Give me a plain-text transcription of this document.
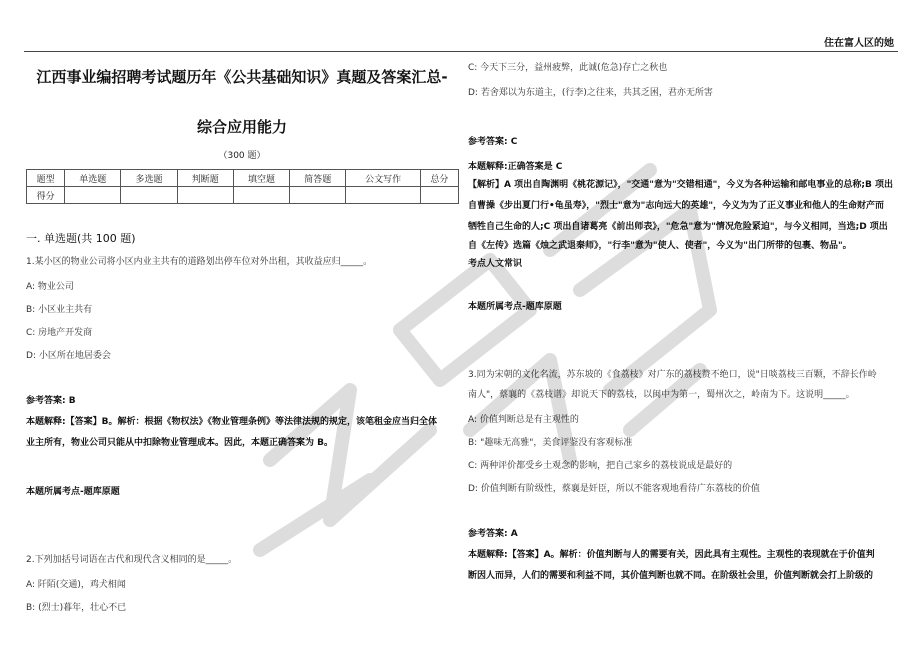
住在富人区的她
江西事业编招聘考试题历年《公共基础知识》真题及答案汇总-
综合应用能力
（300 题）
题型	单选题	多选题	判断题	填空题	简答题	公文写作	总分
得分							
一. 单选题(共 100 题)
1.某小区的物业公司将小区内业主共有的道路划出停车位对外出租，其收益应归_____。
A: 物业公司
B: 小区业主共有
C: 房地产开发商
D: 小区所在地居委会
参考答案: B
本题解释:【答案】B。解析：根据《物权法》《物业管理条例》等法律法规的规定，该笔租金应当归全体
业主所有，物业公司只能从中扣除物业管理成本。因此，本题正确答案为 B。
本题所属考点-题库原题
2.下列加括号词语在古代和现代含义相同的是_____。
A: 阡陌(交通)，鸡犬相闻
B: (烈士)暮年，壮心不已
C: 今天下三分，益州疲弊，此诚(危急)存亡之秋也
D: 若舍郑以为东道主，(行李)之往来，共其乏困，君亦无所害
参考答案: C
本题解释:正确答案是 C
【解析】A 项出自陶渊明《桃花源记》，"交通"意为"交错相通"，今义为各种运输和邮电事业的总称;B 项出
自曹操《步出夏门行•龟虽寿》，"烈士"意为"志向远大的英雄"，今义为为了正义事业和他人的生命财产而
牺牲自己生命的人;C 项出自诸葛亮《前出师表》，"危急"意为"情况危险紧迫"，与今义相同，当选;D 项出
自《左传》选篇《烛之武退秦师》，"行李"意为"使人、使者"，今义为"出门所带的包裹、物品"。
考点人文常识
本题所属考点-题库原题
3.同为宋朝的文化名流，苏东坡的《食荔枝》对广东的荔枝赞不绝口，说"日啖荔枝三百颗，不辞长作岭
南人"，蔡襄的《荔枝谱》却说天下的荔枝，以闽中为第一，蜀州次之，岭南为下。这说明_____。
A: 价值判断总是有主观性的
B: "趣味无高雅"，美食评鉴没有客观标准
C: 两种评价都受乡土观念的影响，把自己家乡的荔枝说成是最好的
D: 价值判断有阶级性，蔡襄是奸臣，所以不能客观地看待广东荔枝的价值
参考答案: A
本题解释:【答案】A。解析：价值判断与人的需要有关，因此具有主观性。主观性的表现就在于价值判
断因人而异，人们的需要和利益不同，其价值判断也就不同。在阶级社会里，价值判断就会打上阶级的
